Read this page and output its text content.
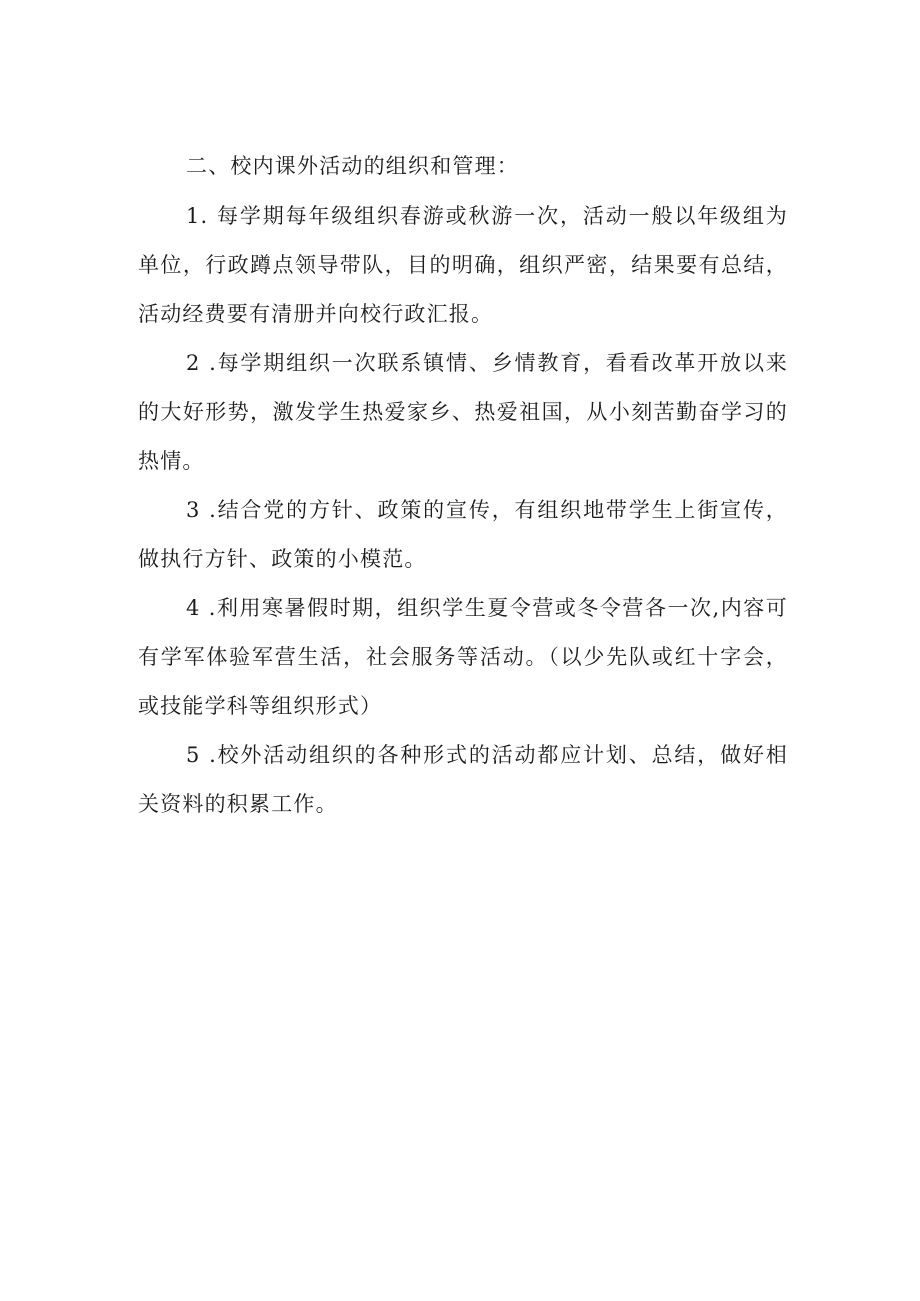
二、校内课外活动的组织和管理：

1. 每学期每年级组织春游或秋游一次，活动一般以年级组为单位，行政蹲点领导带队，目的明确，组织严密，结果要有总结，活动经费要有清册并向校行政汇报。

2 .每学期组织一次联系镇情、乡情教育，看看改革开放以来的大好形势，激发学生热爱家乡、热爱祖国，从小刻苦勤奋学习的热情。

3 .结合党的方针、政策的宣传，有组织地带学生上街宣传，做执行方针、政策的小模范。

4 .利用寒暑假时期，组织学生夏令营或冬令营各一次,内容可有学军体验军营生活，社会服务等活动。（以少先队或红十字会，或技能学科等组织形式）

5 .校外活动组织的各种形式的活动都应计划、总结，做好相关资料的积累工作。
